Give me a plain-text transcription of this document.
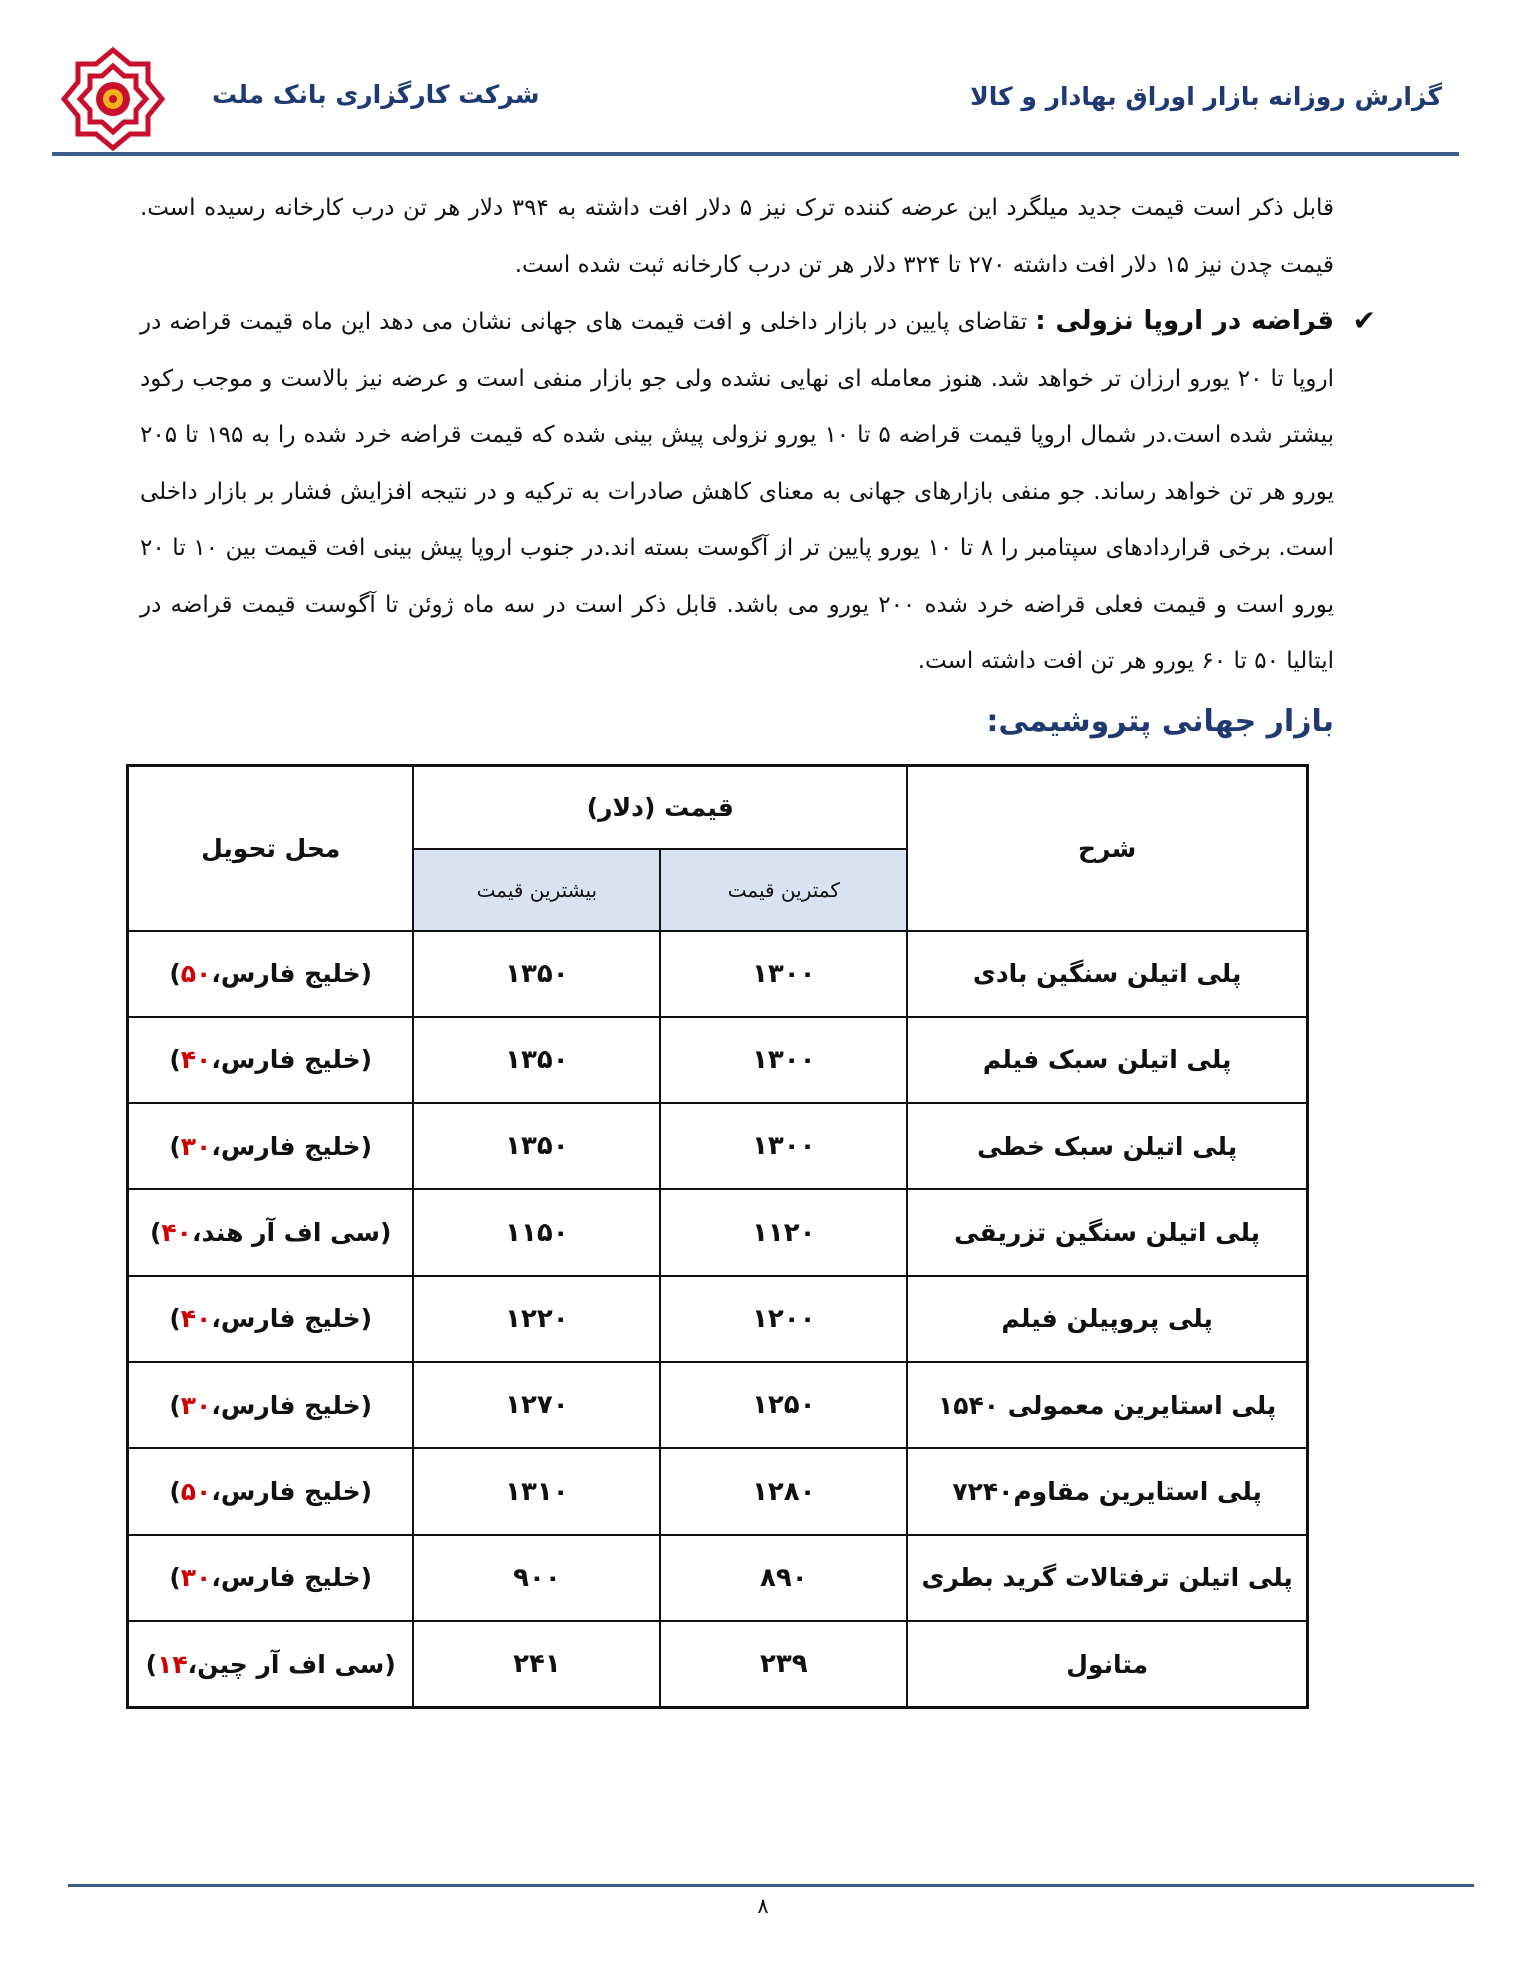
گزارش روزانه بازار اوراق بهادار و کالا
شرکت کارگزاری بانک ملت

قابل ذکر است قیمت جدید میلگرد این عرضه کننده ترک نیز ۵ دلار افت داشته به ۳۹۴ دلار هر تن درب کارخانه رسیده است. قیمت چدن نیز ۱۵ دلار افت داشته ۲۷۰ تا ۳۲۴ دلار هر تن درب کارخانه ثبت شده است.

✔
قراضه در اروپا نزولی : تقاضای پایین در بازار داخلی و افت قیمت های جهانی نشان می دهد این ماه قیمت قراضه در اروپا تا ۲۰ یورو ارزان تر خواهد شد. هنوز معامله ای نهایی نشده ولی جو بازار منفی است و عرضه نیز بالاست و موجب رکود بیشتر شده است.در شمال اروپا قیمت قراضه ۵ تا ۱۰ یورو نزولی پیش بینی شده که قیمت قراضه خرد شده را به ۱۹۵ تا ۲۰۵ یورو هر تن خواهد رساند. جو منفی بازارهای جهانی به معنای کاهش صادرات به ترکیه و در نتیجه افزایش فشار بر بازار داخلی است. برخی قراردادهای سپتامبر را ۸ تا ۱۰ یورو پایین تر از آگوست بسته اند.در جنوب اروپا پیش بینی افت قیمت بین ۱۰ تا ۲۰ یورو است و قیمت فعلی قراضه خرد شده ۲۰۰ یورو می باشد. قابل ذکر است در سه ماه ژوئن تا آگوست قیمت قراضه در ایتالیا ۵۰ تا ۶۰ یورو هر تن افت داشته است.

بازار جهانی پتروشیمی:
شرح	قیمت (دلار)		محل تحویل
	کمترین قیمت	بیشترین قیمت	
پلی اتیلن سنگین بادی	۱۳۰۰	۱۳۵۰	(خلیج فارس،۵۰)
پلی اتیلن سبک فیلم	۱۳۰۰	۱۳۵۰	(خلیج فارس،۴۰)
پلی اتیلن سبک خطی	۱۳۰۰	۱۳۵۰	(خلیج فارس،۳۰)
پلی اتیلن سنگین تزریقی	۱۱۲۰	۱۱۵۰	(سی اف آر هند،۴۰)
پلی پروپیلن فیلم	۱۲۰۰	۱۲۲۰	(خلیج فارس،۴۰)
پلی استایرین معمولی ۱۵۴۰	۱۲۵۰	۱۲۷۰	(خلیج فارس،۳۰)
پلی استایرین مقاوم۷۲۴۰	۱۲۸۰	۱۳۱۰	(خلیج فارس،۵۰)
پلی اتیلن ترفتالات گرید بطری	۸۹۰	۹۰۰	(خلیج فارس،۳۰)
متانول	۲۳۹	۲۴۱	(سی اف آر چین،۱۴)
۸
